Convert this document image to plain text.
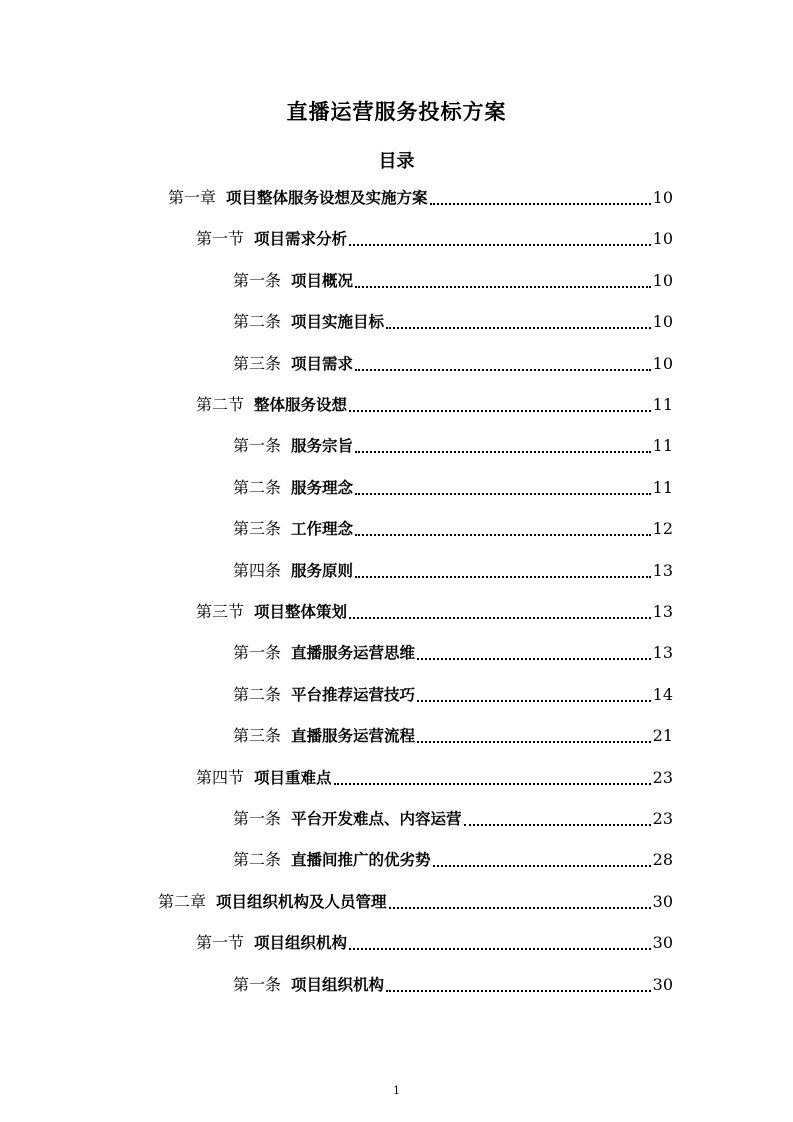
直播运营服务投标方案
目录
第一章 项目整体服务设想及实施方案	10
第一节 项目需求分析	10
第一条 项目概况	10
第二条 项目实施目标	10
第三条 项目需求	10
第二节 整体服务设想	11
第一条 服务宗旨	11
第二条 服务理念	11
第三条 工作理念	12
第四条 服务原则	13
第三节 项目整体策划	13
第一条 直播服务运营思维	13
第二条 平台推荐运营技巧	14
第三条 直播服务运营流程	21
第四节 项目重难点	23
第一条 平台开发难点、内容运营	23
第二条 直播间推广的优劣势	28
第二章 项目组织机构及人员管理	30
第一节 项目组织机构	30
第一条 项目组织机构	30
1
